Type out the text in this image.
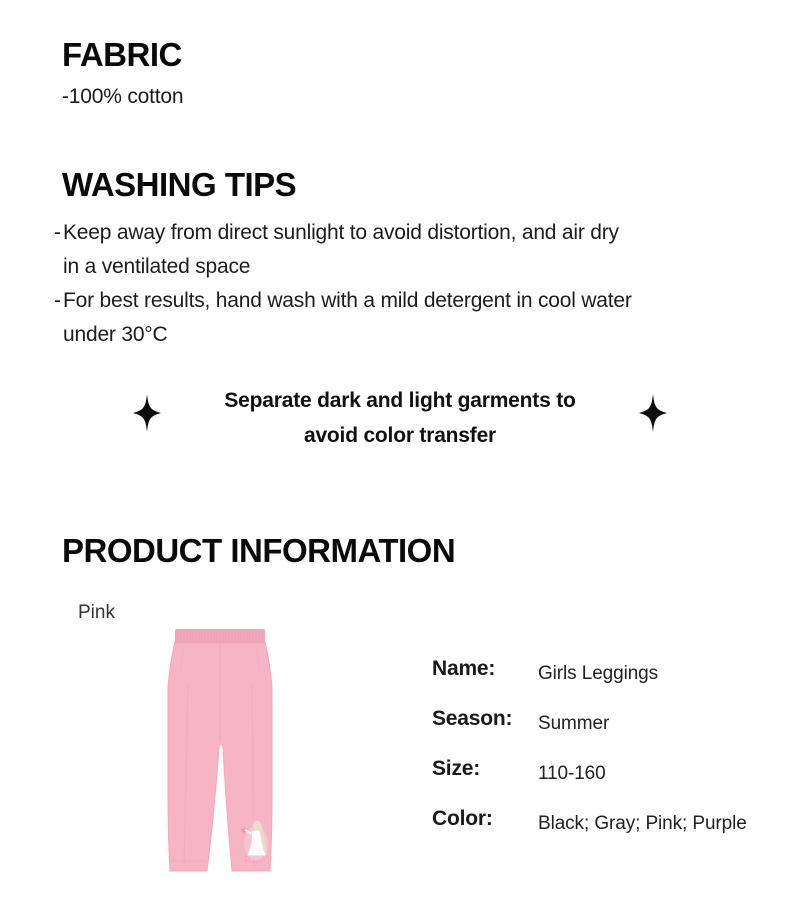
FABRIC

-100% cotton

WASHING TIPS
- Keep away from direct sunlight to avoid distortion, and air dry
in a ventilated space
- For best results, hand wash with a mild detergent in cool water
under 30°C
Separate dark and light garments to
avoid color transfer
PRODUCT INFORMATION
Pink
Name:	Girls Leggings
Season:	Summer
Size:	110-160
Color:	Black; Gray; Pink; Purple
